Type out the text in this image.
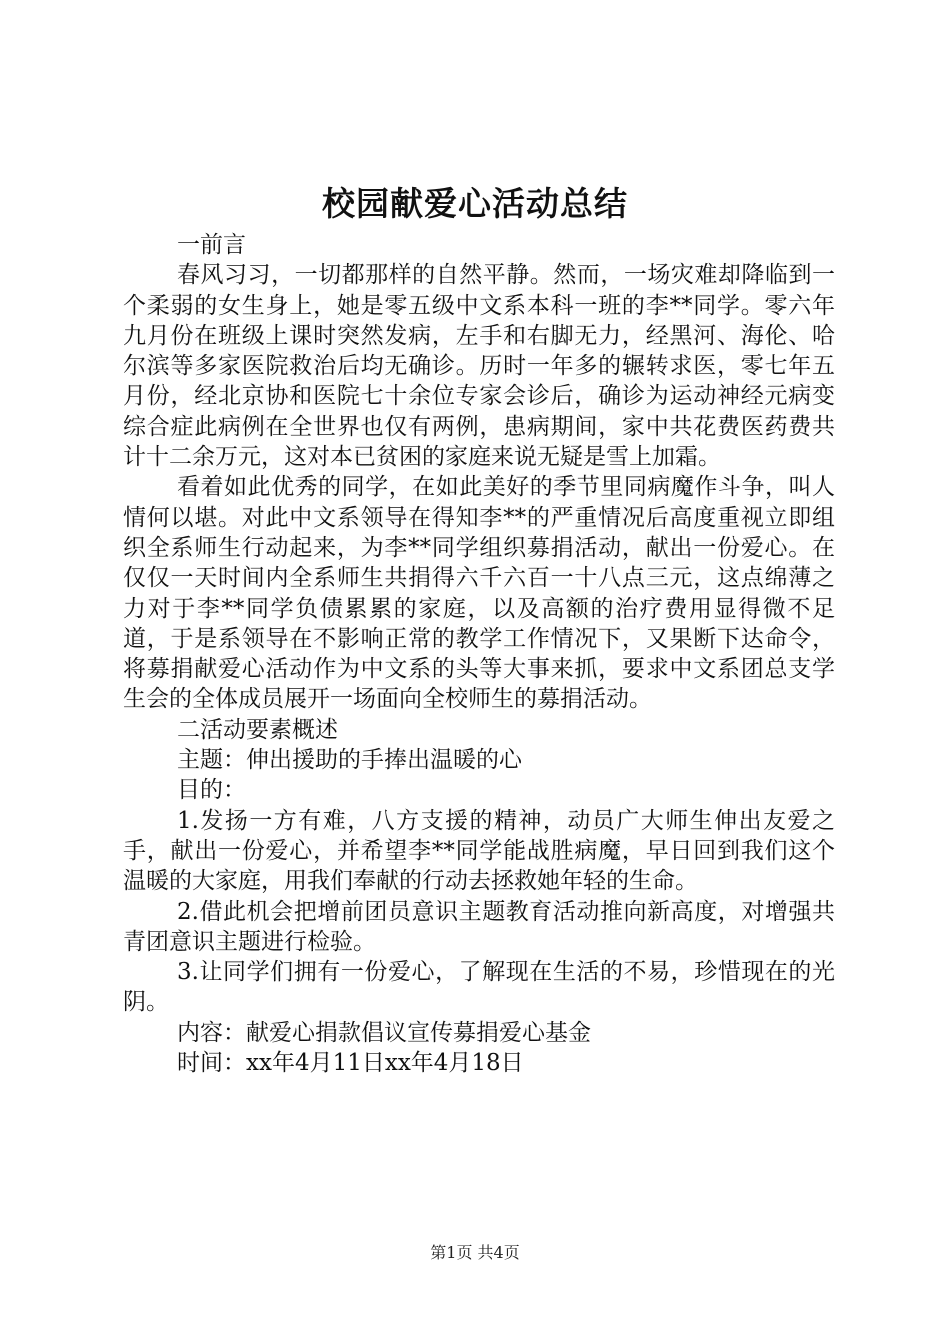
校园献爱心活动总结

一前言

春风习习，一切都那样的自然平静。然而，一场灾难却降临到一个柔弱的女生身上，她是零五级中文系本科一班的李**同学。零六年九月份在班级上课时突然发病，左手和右脚无力，经黑河、海伦、哈尔滨等多家医院救治后均无确诊。历时一年多的辗转求医，零七年五月份，经北京协和医院七十余位专家会诊后，确诊为运动神经元病变综合症此病例在全世界也仅有两例，患病期间，家中共花费医药费共计十二余万元，这对本已贫困的家庭来说无疑是雪上加霜。

看着如此优秀的同学，在如此美好的季节里同病魔作斗争，叫人情何以堪。对此中文系领导在得知李**的严重情况后高度重视立即组织全系师生行动起来，为李**同学组织募捐活动，献出一份爱心。在仅仅一天时间内全系师生共捐得六千六百一十八点三元，这点绵薄之力对于李**同学负债累累的家庭，以及高额的治疗费用显得微不足道，于是系领导在不影响正常的教学工作情况下，又果断下达命令，将募捐献爱心活动作为中文系的头等大事来抓，要求中文系团总支学生会的全体成员展开一场面向全校师生的募捐活动。

二活动要素概述

主题：伸出援助的手捧出温暖的心

目的：

1.发扬一方有难，八方支援的精神，动员广大师生伸出友爱之手，献出一份爱心，并希望李**同学能战胜病魔，早日回到我们这个温暖的大家庭，用我们奉献的行动去拯救她年轻的生命。

2.借此机会把增前团员意识主题教育活动推向新高度，对增强共青团意识主题进行检验。

3.让同学们拥有一份爱心，了解现在生活的不易，珍惜现在的光阴。

内容：献爱心捐款倡议宣传募捐爱心基金

时间：xx年4月11日xx年4月18日

第1页 共4页
